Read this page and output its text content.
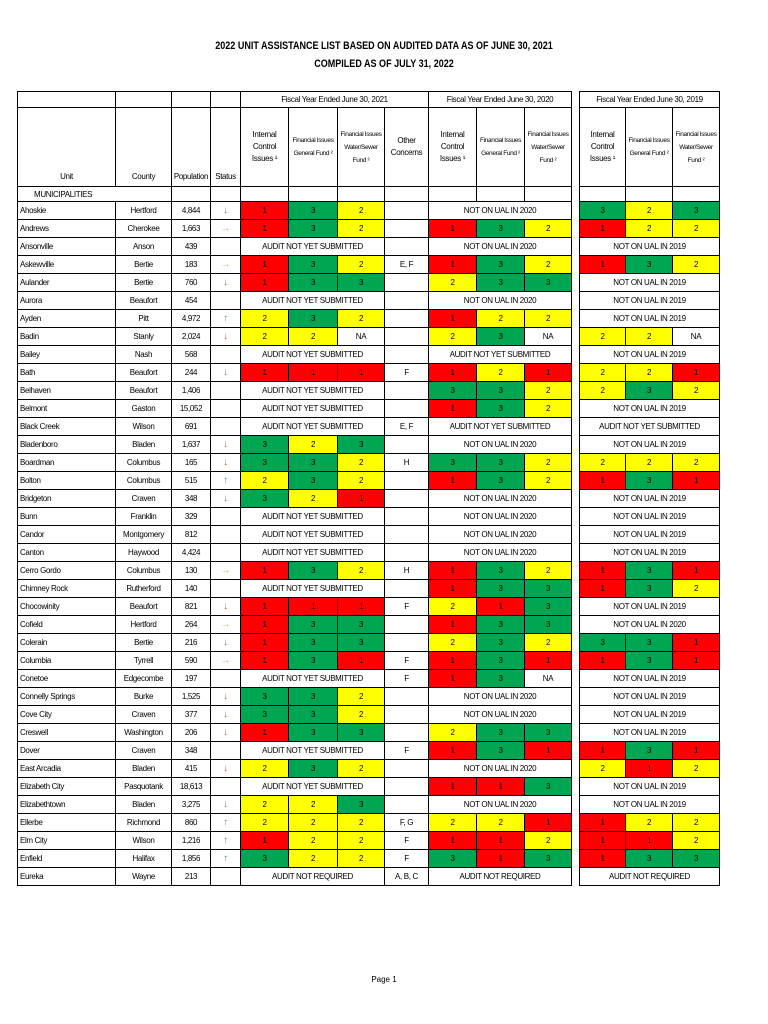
2022 UNIT ASSISTANCE LIST BASED ON AUDITED DATA AS OF JUNE 30, 2021
COMPILED AS OF JULY 31, 2022
				Fiscal Year Ended June 30, 2021				Fiscal Year Ended June 30, 2020				Fiscal Year Ended June 30, 2019		
Unit	County	Population	Status	Internal Control Issues ¹	Financial Issues General Fund ²	Financial Issues Water/Sewer Fund ²	Other Concerns	Internal Control Issues ¹	Financial Issues General Fund ²	Financial Issues Water/Sewer Fund ²		Internal Control Issues ¹	Financial Issues General Fund ²	Financial Issues Water/Sewer Fund ²
MUNICIPALITIES														
Ahoskie	Hertford	4,844	↓	1	3	2		NOT ON UAL IN 2020				3	2	3
Andrews	Cherokee	1,663	→	1	3	2		1	3	2		1	2	2
Ansonville	Anson	439		AUDIT NOT YET SUBMITTED				NOT ON UAL IN 2020				NOT ON UAL IN 2019		
Askewville	Bertie	183	→	1	3	2	E, F	1	3	2		1	3	2
Aulander	Bertie	760	↓	1	3	3		2	3	3		NOT ON UAL IN 2019		
Aurora	Beaufort	454		AUDIT NOT YET SUBMITTED				NOT ON UAL IN 2020				NOT ON UAL IN 2019		
Ayden	Pitt	4,972	↑	2	3	2		1	2	2		NOT ON UAL IN 2019		
Badin	Stanly	2,024	↓	2	2	NA		2	3	NA		2	2	NA
Bailey	Nash	568		AUDIT NOT YET SUBMITTED				AUDIT NOT YET SUBMITTED				NOT ON UAL IN 2019		
Bath	Beaufort	244	↓	1	1	1	F	1	2	1		2	2	1
Belhaven	Beaufort	1,406		AUDIT NOT YET SUBMITTED				3	3	2		2	3	2
Belmont	Gaston	15,052		AUDIT NOT YET SUBMITTED				1	3	2		NOT ON UAL IN 2019		
Black Creek	Wilson	691		AUDIT NOT YET SUBMITTED			E, F	AUDIT NOT YET SUBMITTED				AUDIT NOT YET SUBMITTED		
Bladenboro	Bladen	1,637	↓	3	2	3		NOT ON UAL IN 2020				NOT ON UAL IN 2019		
Boardman	Columbus	165	↓	3	3	2	H	3	3	2		2	2	2
Bolton	Columbus	515	↑	2	3	2		1	3	2		1	3	1
Bridgeton	Craven	348	↓	3	2	1		NOT ON UAL IN 2020				NOT ON UAL IN 2019		
Bunn	Franklin	329		AUDIT NOT YET SUBMITTED				NOT ON UAL IN 2020				NOT ON UAL IN 2019		
Candor	Montgomery	812		AUDIT NOT YET SUBMITTED				NOT ON UAL IN 2020				NOT ON UAL IN 2019		
Canton	Haywood	4,424		AUDIT NOT YET SUBMITTED				NOT ON UAL IN 2020				NOT ON UAL IN 2019		
Cerro Gordo	Columbus	130	→	1	3	2	H	1	3	2		1	3	1
Chimney Rock	Rutherford	140		AUDIT NOT YET SUBMITTED				1	3	3		1	3	2
Chocowinity	Beaufort	821	↓	1	1	1	F	2	1	3		NOT ON UAL IN 2019		
Cofield	Hertford	264	→	1	3	3		1	3	3		NOT ON UAL IN 2020		
Colerain	Bertie	216	↓	1	3	3		2	3	2		3	3	1
Columbia	Tyrrell	590	→	1	3	1	F	1	3	1		1	3	1
Conetoe	Edgecombe	197		AUDIT NOT YET SUBMITTED			F	1	3	NA		NOT ON UAL IN 2019		
Connelly Springs	Burke	1,525	↓	3	3	2		NOT ON UAL IN 2020				NOT ON UAL IN 2019		
Cove City	Craven	377	↓	3	3	2		NOT ON UAL IN 2020				NOT ON UAL IN 2019		
Creswell	Washington	206	↓	1	3	3		2	3	3		NOT ON UAL IN 2019		
Dover	Craven	348		AUDIT NOT YET SUBMITTED			F	1	3	1		1	3	1
East Arcadia	Bladen	415	↓	2	3	2		NOT ON UAL IN 2020				2	1	2
Elizabeth City	Pasquotank	18,613		AUDIT NOT YET SUBMITTED				1	1	3		NOT ON UAL IN 2019		
Elizabethtown	Bladen	3,275	↓	2	2	3		NOT ON UAL IN 2020				NOT ON UAL IN 2019		
Ellerbe	Richmond	860	↑	2	2	2	F, G	2	2	1		1	2	2
Elm City	Wilson	1,216	↑	1	2	2	F	1	1	2		1	1	2
Enfield	Halifax	1,856	↑	3	2	2	F	3	1	3		1	3	3
Eureka	Wayne	213		AUDIT NOT REQUIRED			A, B, C	AUDIT NOT REQUIRED				AUDIT NOT REQUIRED		
Page 1
